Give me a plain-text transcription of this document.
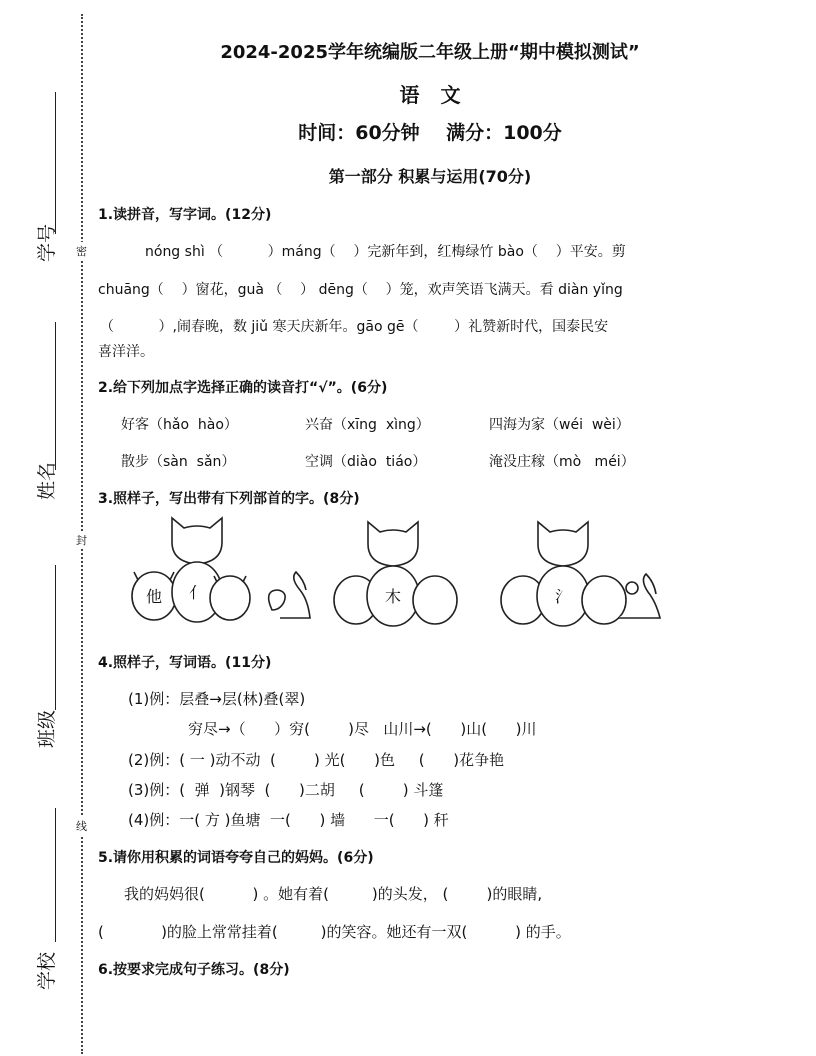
学号
姓名
班级
学校
密
封
线
2024-2025学年统编版二年级上册“期中模拟测试”
语 文
时间：60分钟    满分：100分
第一部分 积累与运用(70分)
1.读拼音，写字词。(12分)
nóng shì （          ）máng（    ）完新年到，红梅绿竹 bào（    ）平安。剪
chuāng（    ）窗花，guà （    ） dēng（    ）笼，欢声笑语飞满天。看 diàn yǐng
（          ）,闹春晚，数 jiǔ 寒天庆新年。gāo gē（        ）礼赞新时代，国泰民安
喜洋洋。
2.给下列加点字选择正确的读音打“√”。(6分)
好客（hǎo  hào）	兴奋（xīng  xìng）	四海为家（wéi  wèi）
散步（sàn  sǎn）	空调（diào  tiáo）	淹没庄稼（mò   méi）
3.照样子，写出带有下列部首的字。(8分)
他 亻	木	氵
4.照样子，写词语。(11分)
(1)例：层叠→层(林)叠(翠)
穷尽→（      ）穷(        )尽   山川→(      )山(      )川
(2)例：( 一 )动不动  (        ) 光(      )色     (      )花争艳
(3)例：(  弹  )钢琴  (      )二胡     (        ) 斗篷
(4)例：一( 方 )鱼塘  一(      ) 墙      一(      ) 秆
5.请你用积累的词语夸夸自己的妈妈。(6分)
我的妈妈很(          ) 。她有着(         )的头发， (        )的眼睛,
(            )的脸上常常挂着(         )的笑容。她还有一双(          ) 的手。
6.按要求完成句子练习。(8分)
